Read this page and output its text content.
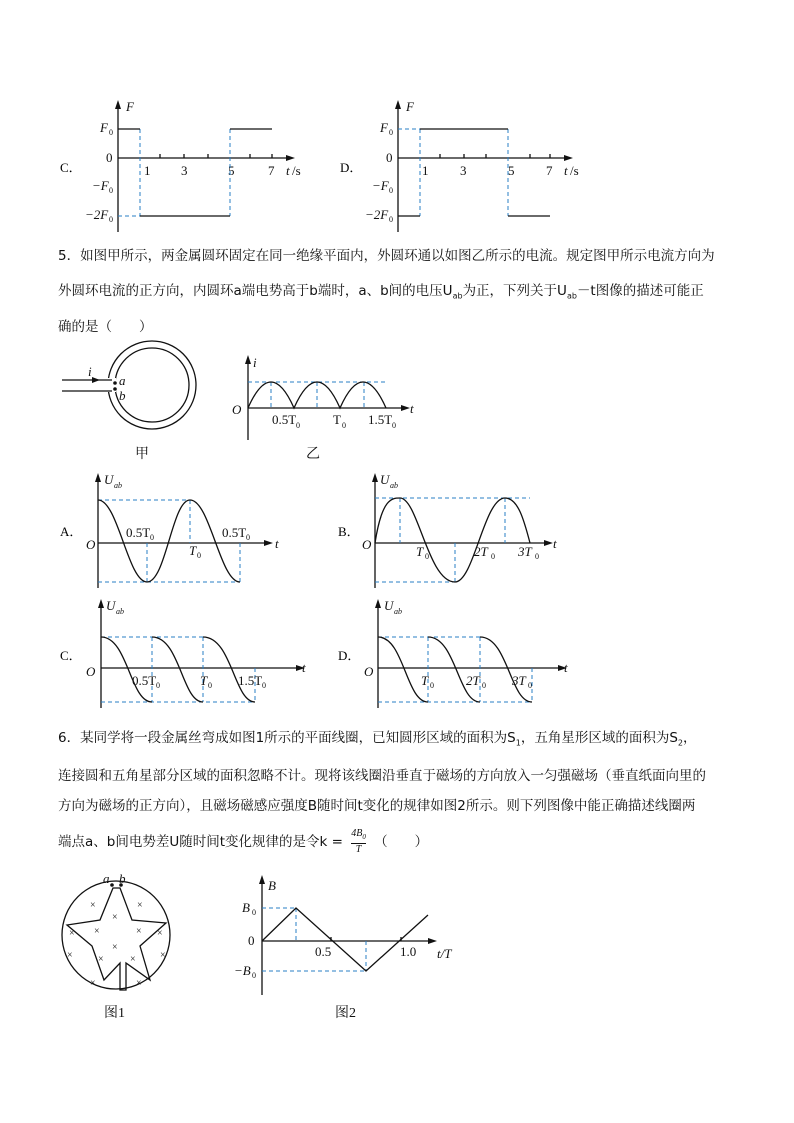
C．
F
F 0
0
−F 0
−2F 0
1 3	5	7 t /s	D．
F
F 0
0
−F 0
−2F 0
1 3	5 7 t /s
i
a
b
甲
i
O	t
0.5T 0	T 0 1.5T 0
乙
A．
U ab
O	t
0.5T 0
T 0
0.5T 0	B．
U ab
O	t
T 0	2T 0 3T 0
C．
U ab
O	t
0.5T 0	T 0 1.5T 0
D．
U ab
O	t
T 0 2T 0 3T 0
a b
×	×
×
× ×	× ×
×
×
×
×	×
×	×
图1
B
B 0
0
−B 0
0.5	1.0 t/T
图2
5．如图甲所示，两金属圆环固定在同一绝缘平面内，外圆环通以如图乙所示的电流。规定图甲所示电流方向为
外圆环电流的正方向，内圆环a端电势高于b端时，a、b间的电压$U_{ab}$为正，下列关于$U_{ab}-t$图像的描述可能正
确的是（　　）
6．某同学将一段金属丝弯成如图1所示的平面线圈，已知圆形区域的面积为$S_1$，五角星形区域的面积为$S_2$，
连接圆和五角星部分区域的面积忽略不计。现将该线圈沿垂直于磁场的方向放入一匀强磁场（垂直纸面向里的
方向为磁场的正方向），且磁场磁感应强度B随时间t变化的规律如图2所示。则下列图像中能正确描述线圈两
端点a、b间电势差U随时间t变化规律的是令$k = \frac{4B_0}{T}$ （　　）
